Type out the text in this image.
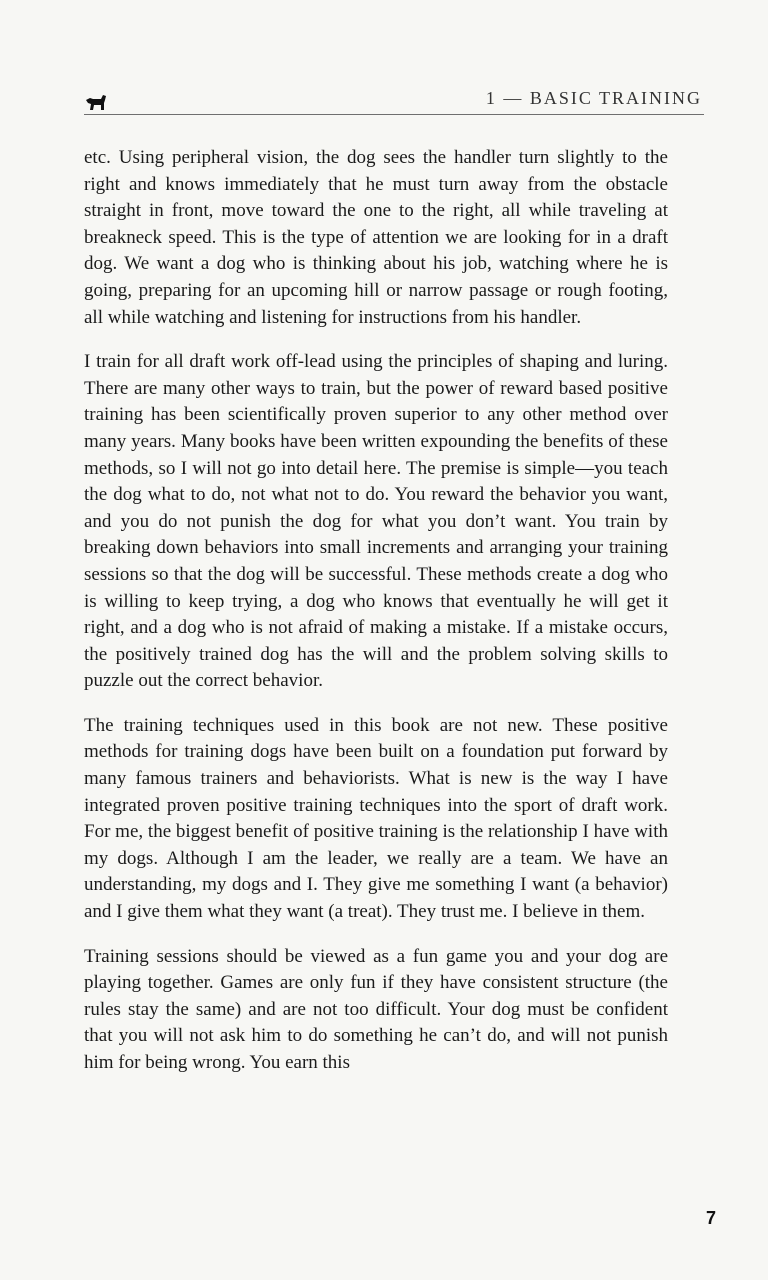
1 — BASIC TRAINING

etc. Using peripheral vision, the dog sees the handler turn slightly to the right and knows immediately that he must turn away from the obstacle straight in front, move toward the one to the right, all while traveling at breakneck speed. This is the type of attention we are looking for in a draft dog. We want a dog who is thinking about his job, watching where he is going, preparing for an upcoming hill or narrow passage or rough footing, all while watching and listening for instructions from his handler.

I train for all draft work off-lead using the principles of shaping and luring. There are many other ways to train, but the power of reward based positive training has been scientifically proven superior to any other method over many years. Many books have been written expounding the benefits of these methods, so I will not go into detail here. The premise is simple—you teach the dog what to do, not what not to do. You reward the behavior you want, and you do not punish the dog for what you don’t want. You train by breaking down behaviors into small increments and arranging your training sessions so that the dog will be successful. These methods create a dog who is willing to keep trying, a dog who knows that eventually he will get it right, and a dog who is not afraid of making a mistake. If a mistake occurs, the positively trained dog has the will and the problem solving skills to puzzle out the correct behavior.

The training techniques used in this book are not new. These positive methods for training dogs have been built on a foundation put forward by many famous trainers and behaviorists. What is new is the way I have integrated proven positive training techniques into the sport of draft work. For me, the biggest benefit of positive training is the relationship I have with my dogs. Although I am the leader, we really are a team. We have an understanding, my dogs and I. They give me something I want (a behavior) and I give them what they want (a treat). They trust me. I believe in them.

Training sessions should be viewed as a fun game you and your dog are playing together. Games are only fun if they have consistent structure (the rules stay the same) and are not too difficult. Your dog must be confident that you will not ask him to do something he can’t do, and will not punish him for being wrong. You earn this

7
